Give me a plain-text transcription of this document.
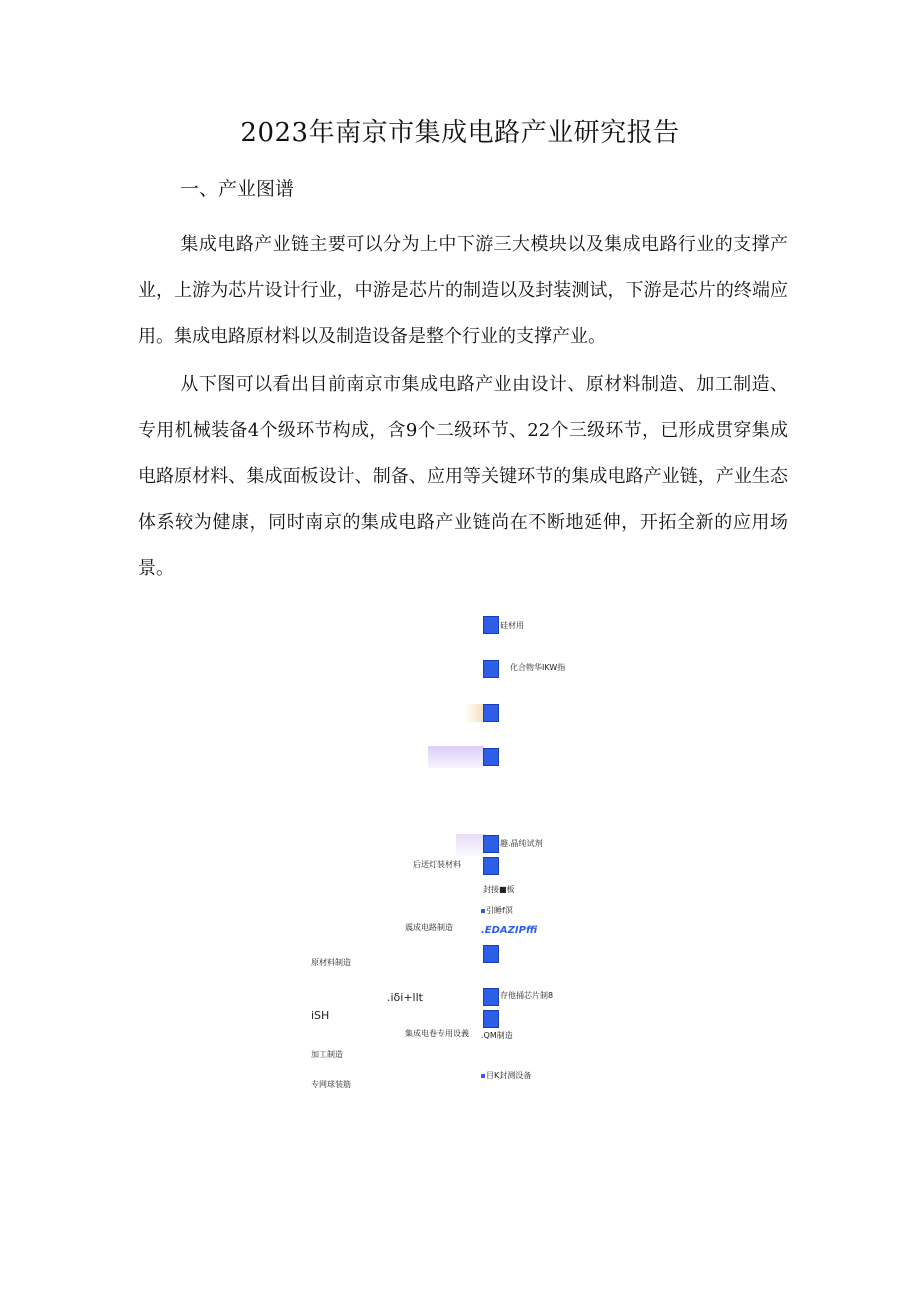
2023年南京市集成电路产业研究报告
一、产业图谱

集成电路产业链主要可以分为上中下游三大模块以及集成电路行业的支撑产业，上游为芯片设计行业，中游是芯片的制造以及封装测试，下游是芯片的终端应用。集成电路原材料以及制造设备是整个行业的支撑产业。

从下图可以看出目前南京市集成电路产业由设计、原材料制造、加工制造、专用机械装备4个级环节构成，含9个二级环节、22个三级环节，已形成贯穿集成电路原材料、集成面板设计、制备、应用等关键环节的集成电路产业链，产业生态体系较为健康，同时南京的集成电路产业链尚在不断地延伸，开拓全新的应用场景。

硅材用
化合物华IKW指
趣.晶纯试剂
封接■板
引睡f溟
.EDAZIPffi
存他捅芯片制8
.QM制造
目K封测设备
后送灯装材料
震成电路制造
.iδi+llt
集成电卷专用设義
原材料制造
iSH
加工制造
专网球装筋
